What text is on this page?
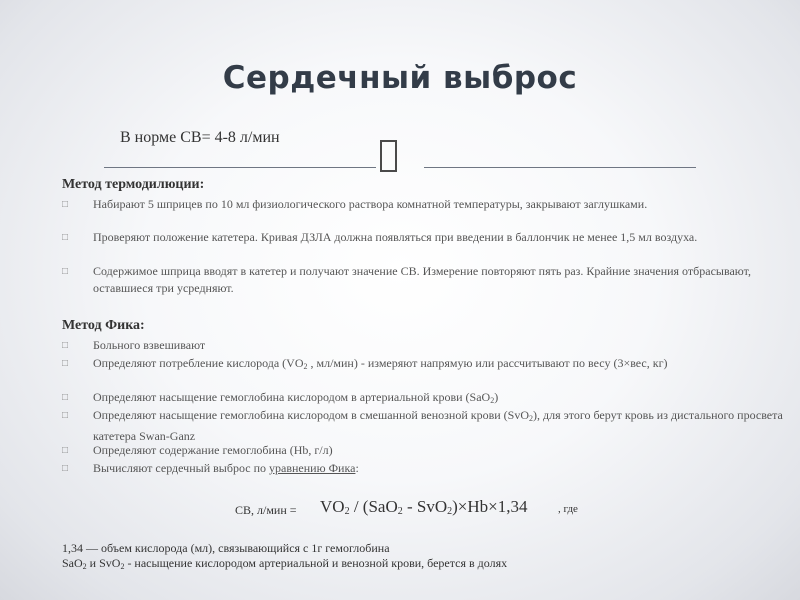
Сердечный выброс
В норме СВ= 4-8 л/мин
Метод термодилюции:
□ Набирают 5 шприцев по 10 мл физиологического раствора комнатной температуры, закрывают заглушками.
□ Проверяют положение катетера. Кривая ДЗЛА должна появляться при введении в баллончик не менее 1,5 мл воздуха.
□ Содержимое шприца вводят в катетер и получают значение СВ. Измерение повторяют пять раз. Крайние значения отбрасывают, оставшиеся три усредняют.
Метод Фика:
□ Больного взвешивают
□ Определяют потребление кислорода ($VO_2$ , мл/мин) - измеряют напрямую или рассчитывают по весу (3×вес, кг)
□ Определяют насыщение гемоглобина кислородом в артериальной крови (SaO$_2$)
□ Определяют насыщение гемоглобина кислородом в смешанной венозной крови (SvO$_2$), для этого берут кровь из дистального просвета катетера Swan-Ganz
□ Определяют содержание гемоглобина (Hb, г/л)
□ Вычисляют сердечный выброс по уравнению Фика:
СВ, $л/мин = VO_2 / (SaO_2 - SvO_2)\times Hb\times 1,34$	, где
1,34 — объем кислорода (мл), связывающийся с 1г гемоглобина
SaO$_2$ и SvO$_2$ - насыщение кислородом артериальной и венозной крови, берется в долях
